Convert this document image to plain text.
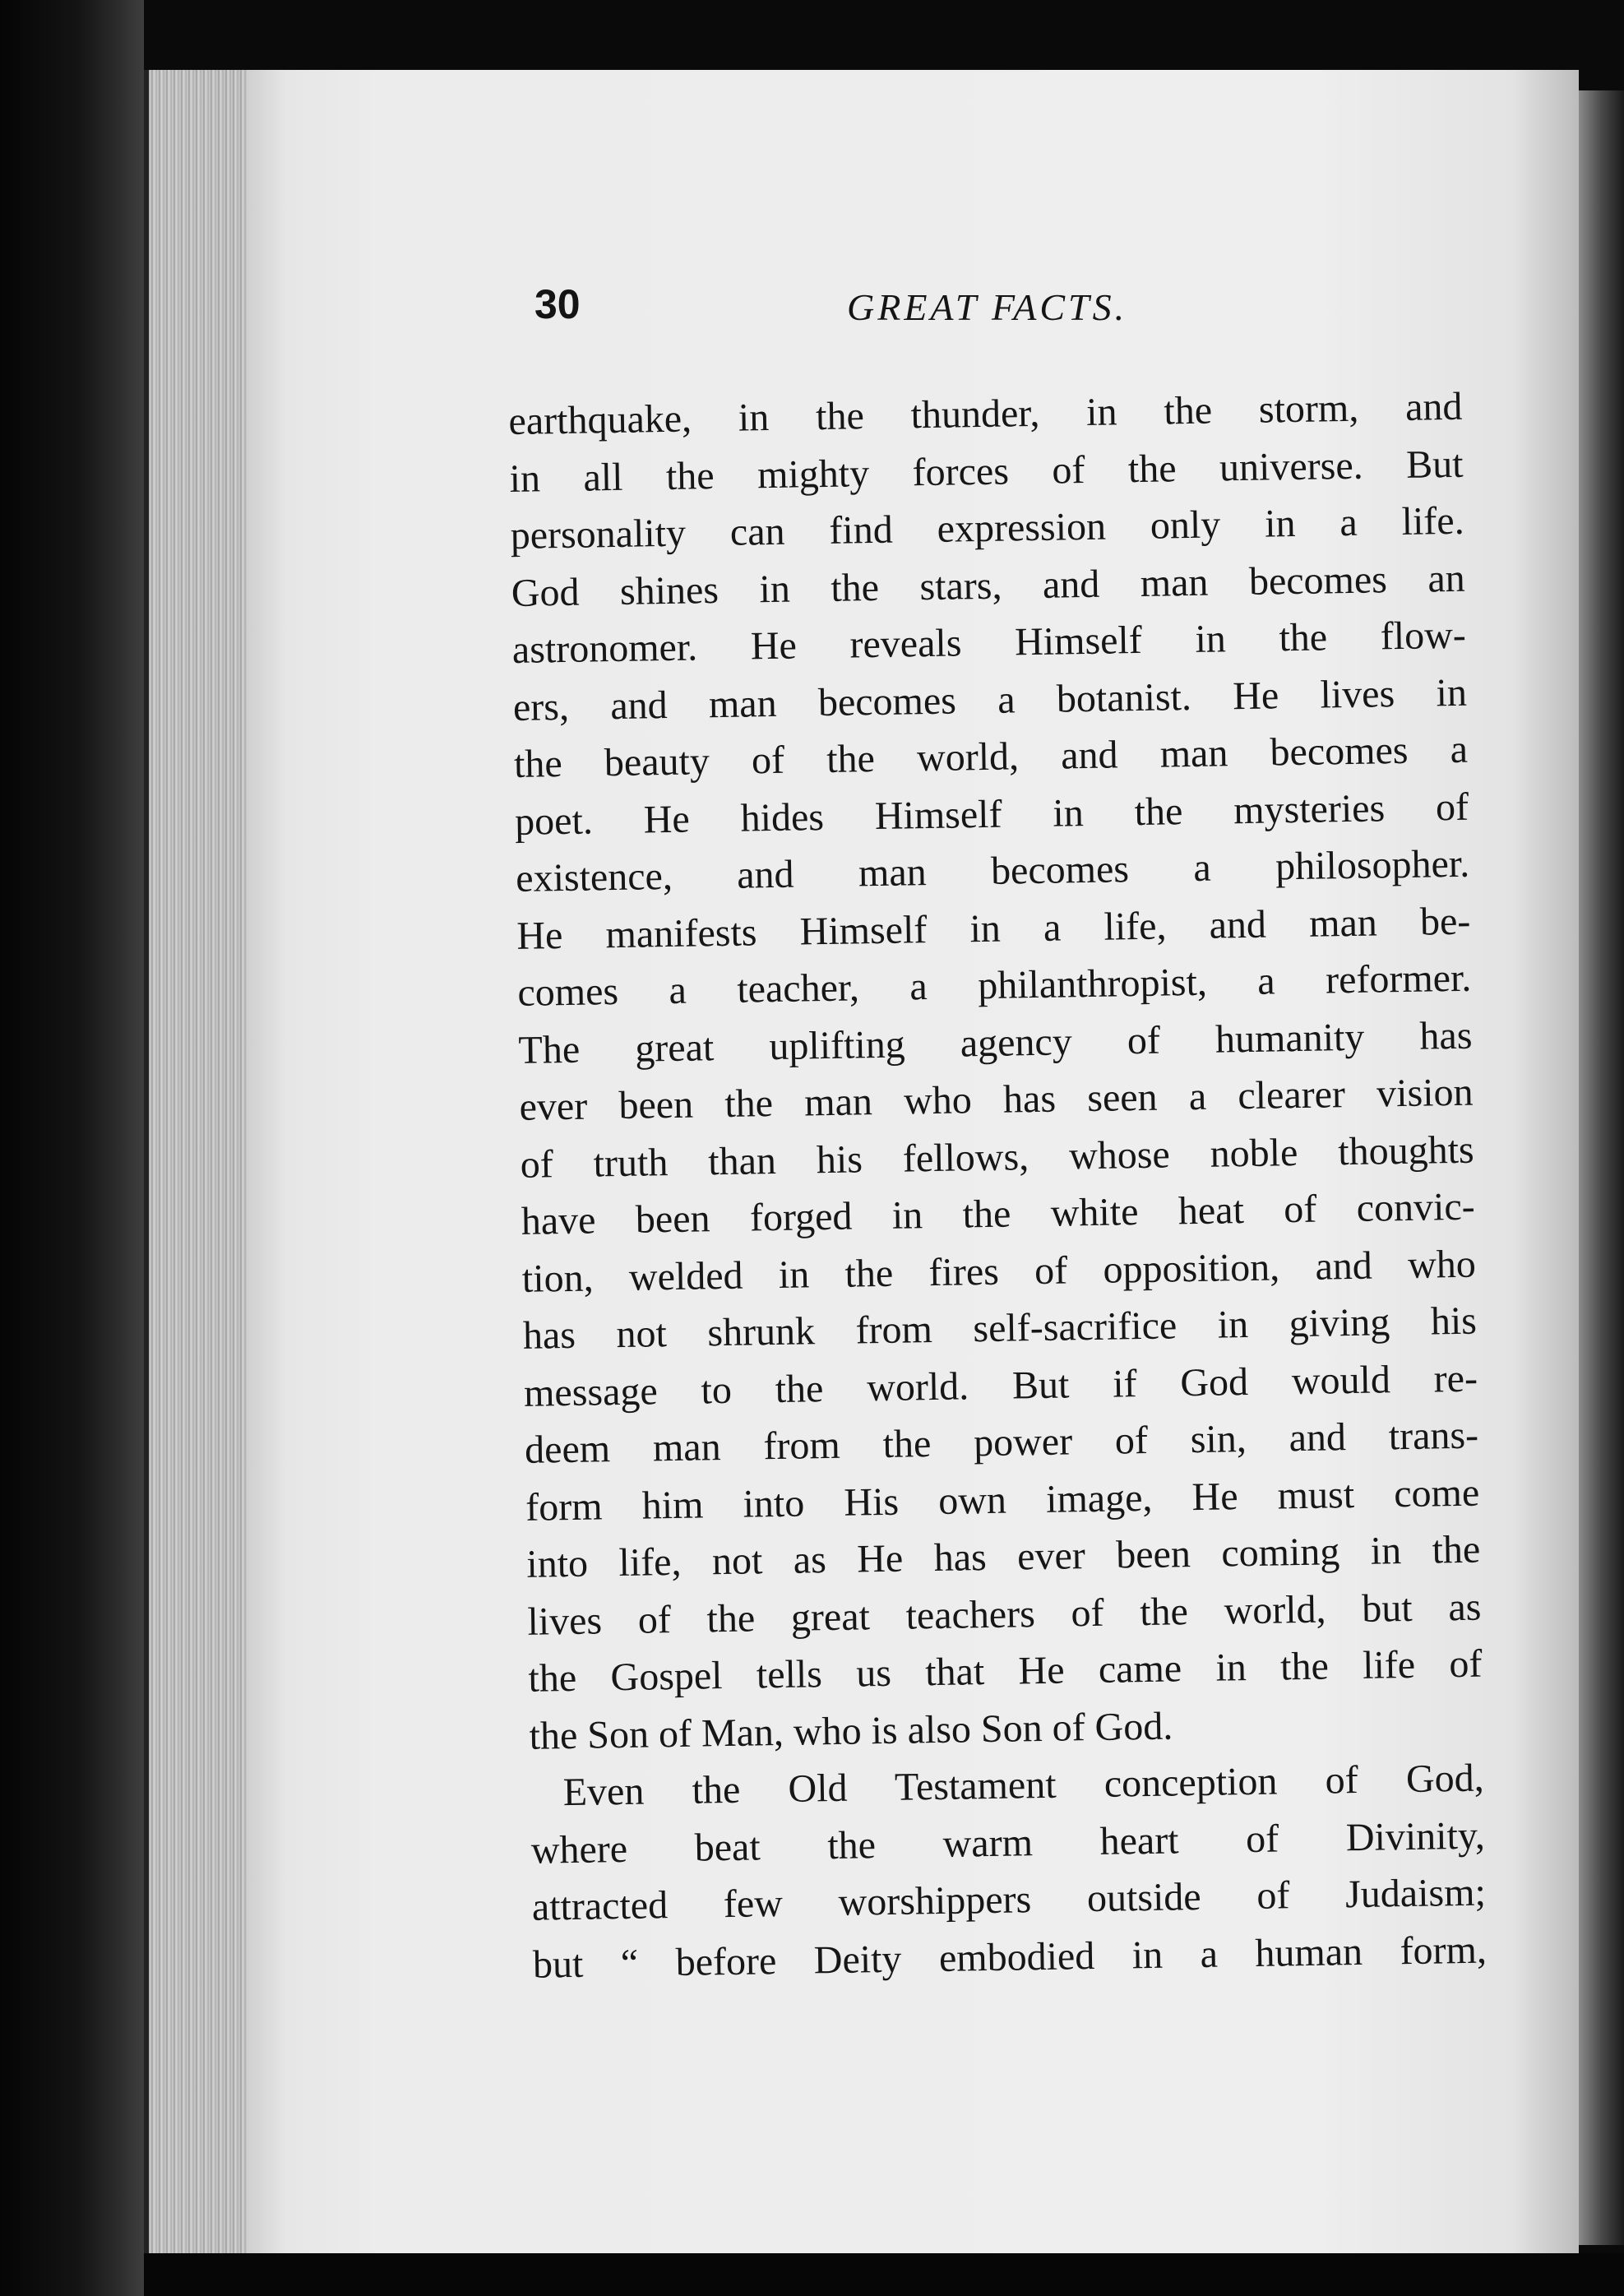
30	GREAT FACTS.
earthquake, in the thunder, in the storm, and
in all the mighty forces of the universe. But
personality can find expression only in a life.
God shines in the stars, and man becomes an
astronomer. He reveals Himself in the flow-
ers, and man becomes a botanist. He lives in
the beauty of the world, and man becomes a
poet. He hides Himself in the mysteries of
existence, and man becomes a philosopher.
He manifests Himself in a life, and man be-
comes a teacher, a philanthropist, a reformer.
The great uplifting agency of humanity has
ever been the man who has seen a clearer vision
of truth than his fellows, whose noble thoughts
have been forged in the white heat of convic-
tion, welded in the fires of opposition, and who
has not shrunk from self-sacrifice in giving his
message to the world. But if God would re-
deem man from the power of sin, and trans-
form him into His own image, He must come
into life, not as He has ever been coming in the
lives of the great teachers of the world, but as
the Gospel tells us that He came in the life of
the Son of Man, who is also Son of God.
Even the Old Testament conception of God,
where beat the warm heart of Divinity,
attracted few worshippers outside of Judaism;
but “ before Deity embodied in a human form,
